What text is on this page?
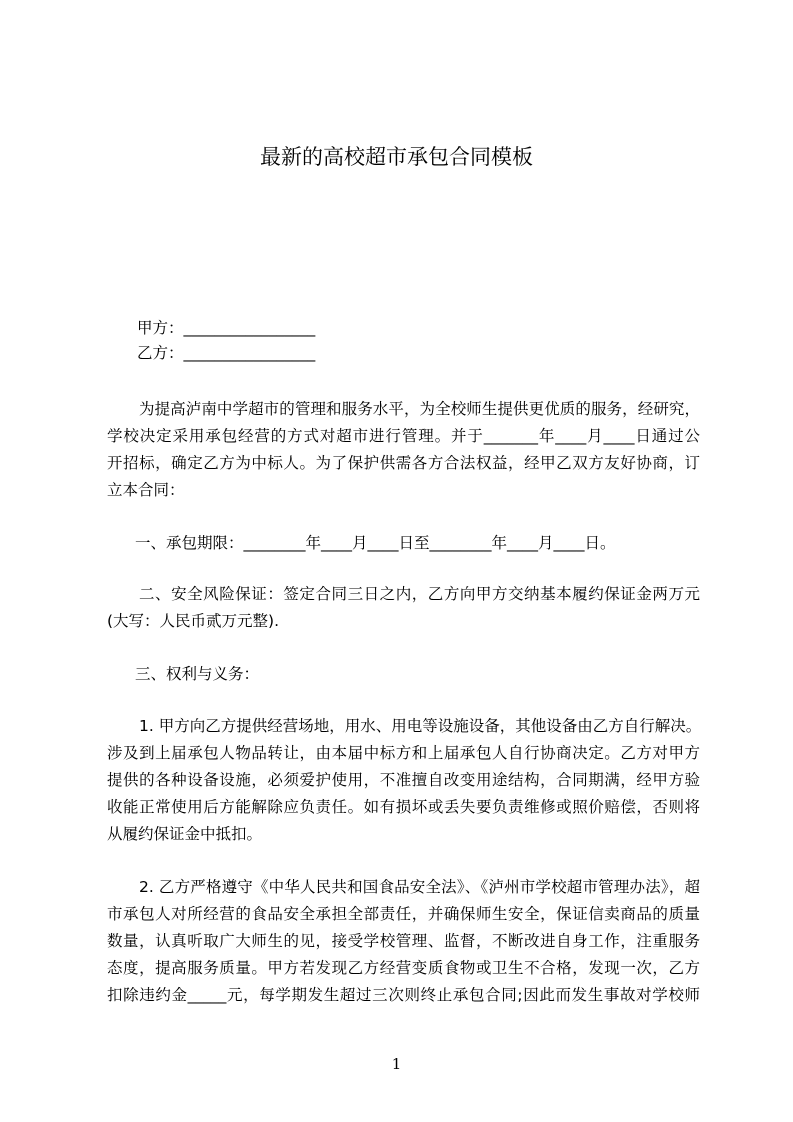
最新的高校超市承包合同模板
甲方：_________________
乙方：_________________
为提高泸南中学超市的管理和服务水平，为全校师生提供更优质的服务，经研究，
学校决定采用承包经营的方式对超市进行管理。并于_______年____月____日通过公
开招标，确定乙方为中标人。为了保护供需各方合法权益，经甲乙双方友好协商，订
立本合同：
一、承包期限：________年____月____日至________年____月____日。
二、安全风险保证：签定合同三日之内，乙方向甲方交纳基本履约保证金两万元
(大写：人民币贰万元整).
三、权利与义务：
1. 甲方向乙方提供经营场地，用水、用电等设施设备，其他设备由乙方自行解决。
涉及到上届承包人物品转让，由本届中标方和上届承包人自行协商决定。乙方对甲方
提供的各种设备设施，必须爱护使用，不准擅自改变用途结构，合同期满，经甲方验
收能正常使用后方能解除应负责任。如有损坏或丢失要负责维修或照价赔偿，否则将
从履约保证金中抵扣。
2. 乙方严格遵守《中华人民共和国食品安全法》、《泸州市学校超市管理办法》，超
市承包人对所经营的食品安全承担全部责任，并确保师生安全，保证信卖商品的质量
数量，认真听取广大师生的见，接受学校管理、监督，不断改进自身工作，注重服务
态度，提高服务质量。甲方若发现乙方经营变质食物或卫生不合格，发现一次，乙方
扣除违约金_____元，每学期发生超过三次则终止承包合同;因此而发生事故对学校师
1
